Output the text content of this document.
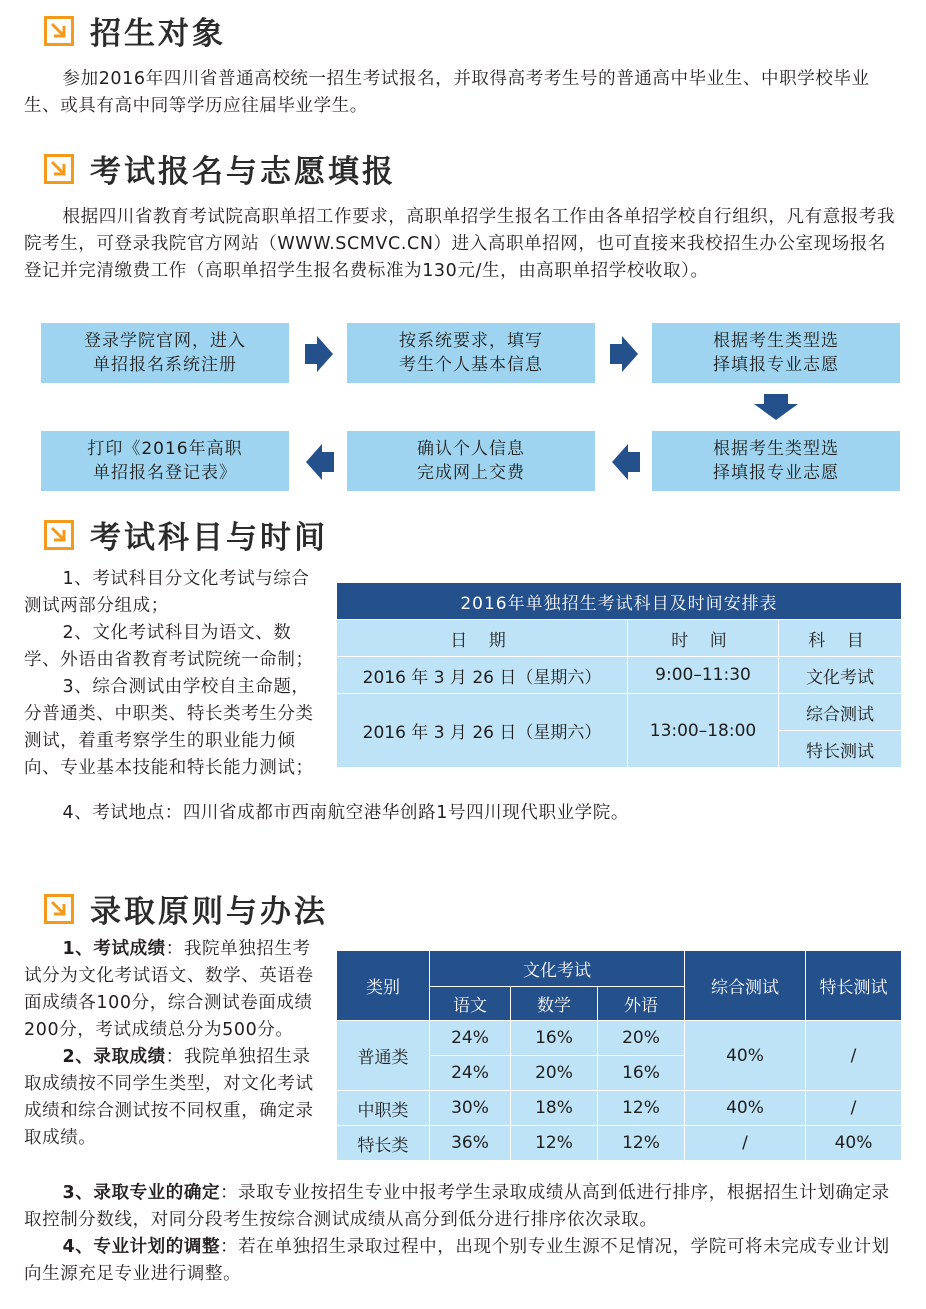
招生对象

参加2016年四川省普通高校统一招生考试报名，并取得高考考生号的普通高中毕业生、中职学校毕业生、或具有高中同等学历应往届毕业学生。

考试报名与志愿填报

根据四川省教育考试院高职单招工作要求，高职单招学生报名工作由各单招学校自行组织，凡有意报考我院考生，可登录我院官方网站（WWW.SCMVC.CN）进入高职单招网，也可直接来我校招生办公室现场报名登记并完清缴费工作（高职单招学生报名费标准为130元/生，由高职单招学校收取）。

登录学院官网，进入
单招报名系统注册
按系统要求，填写
考生个人基本信息
根据考生类型选
择填报专业志愿
根据考生类型选
择填报专业志愿
确认个人信息
完成网上交费
打印《2016年高职
单招报名登记表》
考试科目与时间

1、考试科目分文化考试与综合测试两部分组成；

2、文化考试科目为语文、数学、外语由省教育考试院统一命制；

3、综合测试由学校自主命题，分普通类、中职类、特长类考生分类测试，着重考察学生的职业能力倾向、专业基本技能和特长能力测试；

4、考试地点：四川省成都市西南航空港华创路1号四川现代职业学院。

2016年单独招生考试科目及时间安排表		
日 期	时 间	科 目
2016 年 3 月 26 日（星期六）	9:00–11:30	文化考试
2016 年 3 月 26 日（星期六）	13:00–18:00	综合测试
		特长测试
录取原则与办法

1、考试成绩：我院单独招生考试分为文化考试语文、数学、英语卷面成绩各100分，综合测试卷面成绩200分，考试成绩总分为500分。

2、录取成绩：我院单独招生录取成绩按不同学生类型，对文化考试成绩和综合测试按不同权重，确定录取成绩。

3、录取专业的确定：录取专业按招生专业中报考学生录取成绩从高到低进行排序，根据招生计划确定录取控制分数线，对同分段考生按综合测试成绩从高分到低分进行排序依次录取。

4、专业计划的调整：若在单独招生录取过程中，出现个别专业生源不足情况，学院可将未完成专业计划向生源充足专业进行调整。

类别	文化考试			综合测试	特长测试
	语文	数学	外语		
普通类	24%	16%	20%	40%	/
	24%	20%	16%		
中职类	30%	18%	12%	40%	/
特长类	36%	12%	12%	/	40%
